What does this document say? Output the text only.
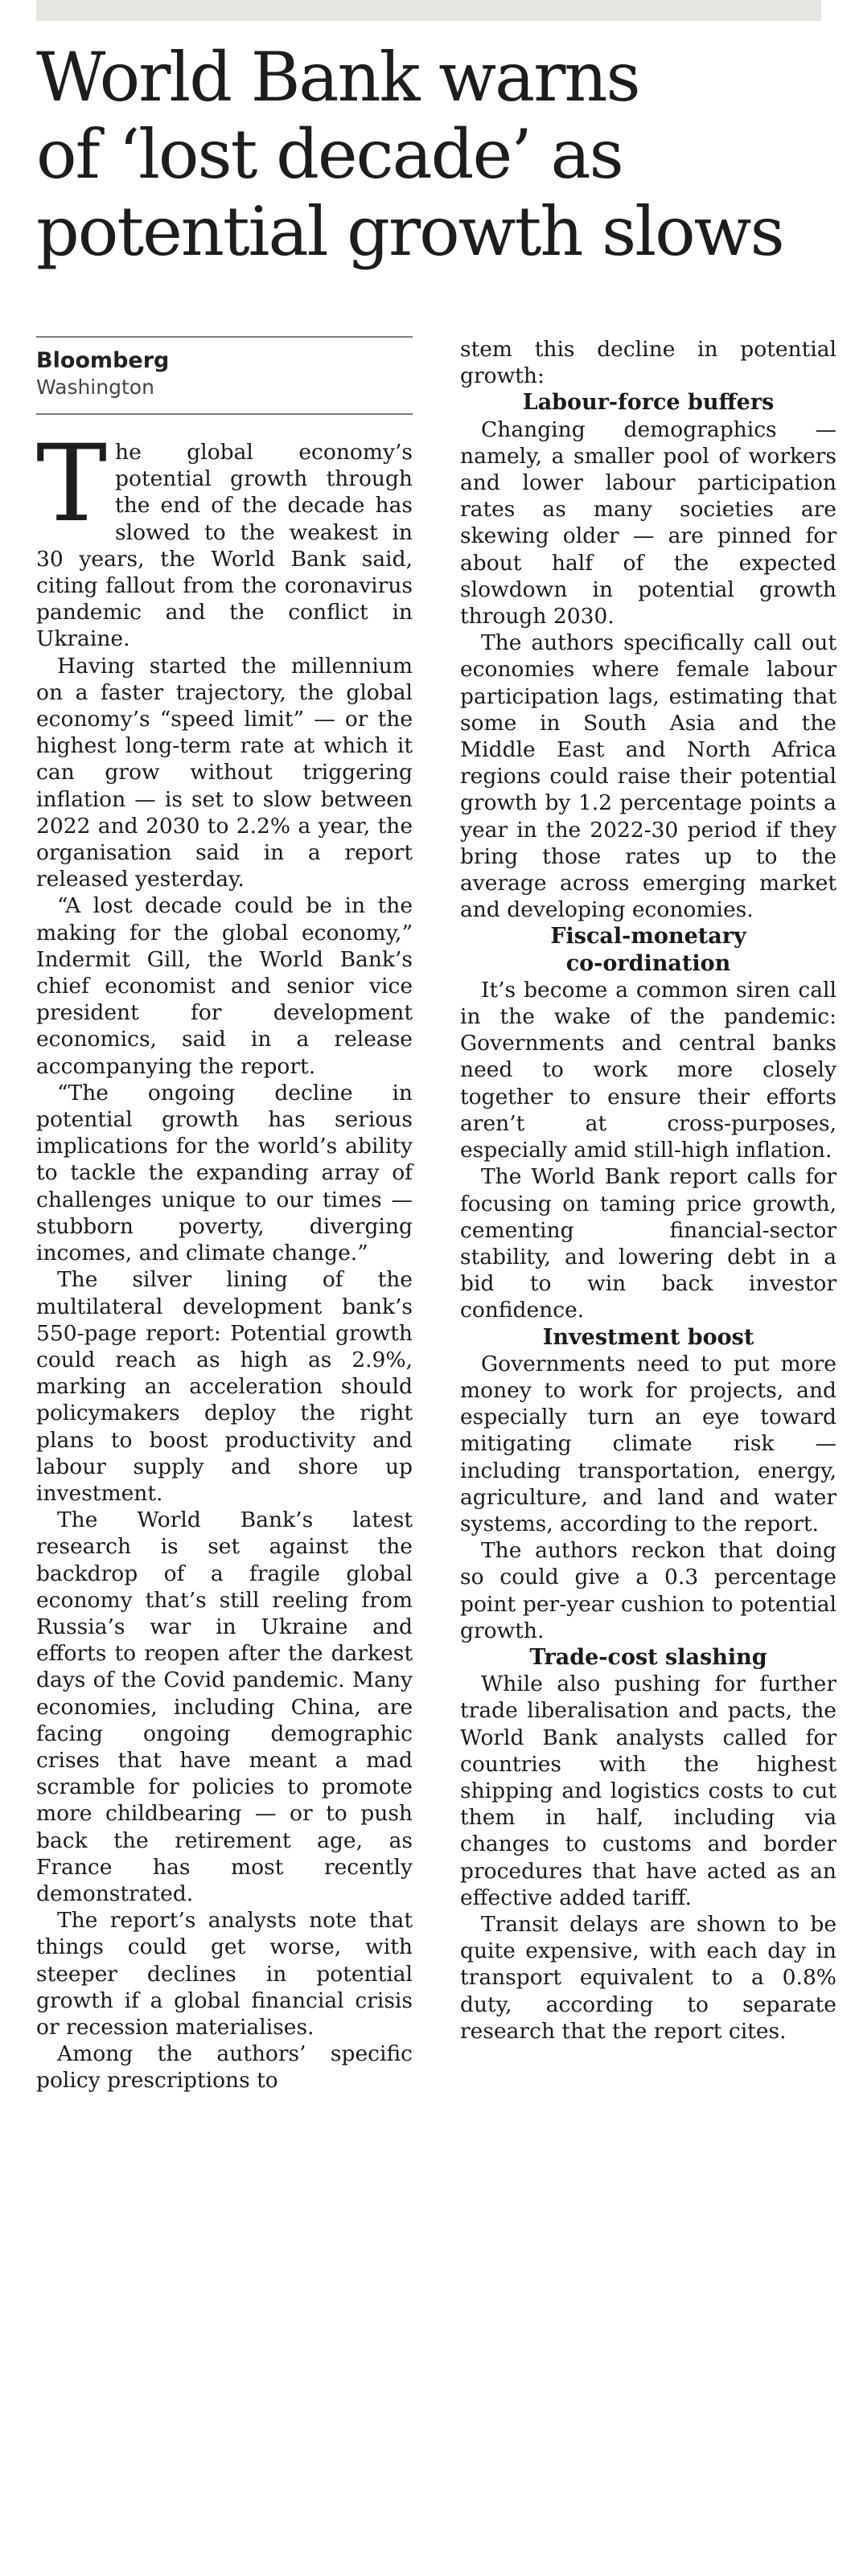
World Bank warns
of ‘lost decade’ as
potential growth slows
Bloomberg
Washington

The global economy’s potential growth through the end of the decade has slowed to the weakest in 30 years, the World Bank said, citing fallout from the coronavirus pandemic and the conflict in Ukraine.

Having started the millennium on a faster trajectory, the global economy’s “speed limit” — or the highest long-term rate at which it can grow without triggering inflation — is set to slow between 2022 and 2030 to 2.2% a year, the organisation said in a report released yesterday.

“A lost decade could be in the making for the global economy,” Indermit Gill, the World Bank’s chief economist and senior vice president for development economics, said in a release accompanying the report.

“The ongoing decline in potential growth has serious implications for the world’s ability to tackle the expanding array of challenges unique to our times — stubborn poverty, diverging incomes, and climate change.”

The silver lining of the multilateral development bank’s 550-page report: Potential growth could reach as high as 2.9%, marking an acceleration should policymakers deploy the right plans to boost productivity and labour supply and shore up investment.

The World Bank’s latest research is set against the backdrop of a fragile global economy that’s still reeling from Russia’s war in Ukraine and efforts to reopen after the darkest days of the Covid pandemic. Many economies, including China, are facing ongoing demographic crises that have meant a mad scramble for policies to promote more childbearing — or to push back the retirement age, as France has most recently demonstrated.

The report’s analysts note that things could get worse, with steeper declines in potential growth if a global financial crisis or recession materialises.

Among the authors’ specific policy prescriptions to

stem this decline in potential growth:

Labour-force buffers

Changing demographics — namely, a smaller pool of workers and lower labour participation rates as many societies are skewing older — are pinned for about half of the expected slowdown in potential growth through 2030.

The authors specifically call out economies where female labour participation lags, estimating that some in South Asia and the Middle East and North Africa regions could raise their potential growth by 1.2 percentage points a year in the 2022-30 period if they bring those rates up to the average across emerging market and developing economies.

Fiscal-monetary
co-ordination

It’s become a common siren call in the wake of the pandemic: Governments and central banks need to work more closely together to ensure their efforts aren’t at cross-purposes, especially amid still-high inflation.

The World Bank report calls for focusing on taming price growth, cementing financial-sector stability, and lowering debt in a bid to win back investor confidence.

Investment boost

Governments need to put more money to work for projects, and especially turn an eye toward mitigating climate risk — including transportation, energy, agriculture, and land and water systems, according to the report.

The authors reckon that doing so could give a 0.3 percentage point per-year cushion to potential growth.

Trade-cost slashing

While also pushing for further trade liberalisation and pacts, the World Bank analysts called for countries with the highest shipping and logistics costs to cut them in half, including via changes to customs and border procedures that have acted as an effective added tariff.

Transit delays are shown to be quite expensive, with each day in transport equivalent to a 0.8% duty, according to separate research that the report cites.
